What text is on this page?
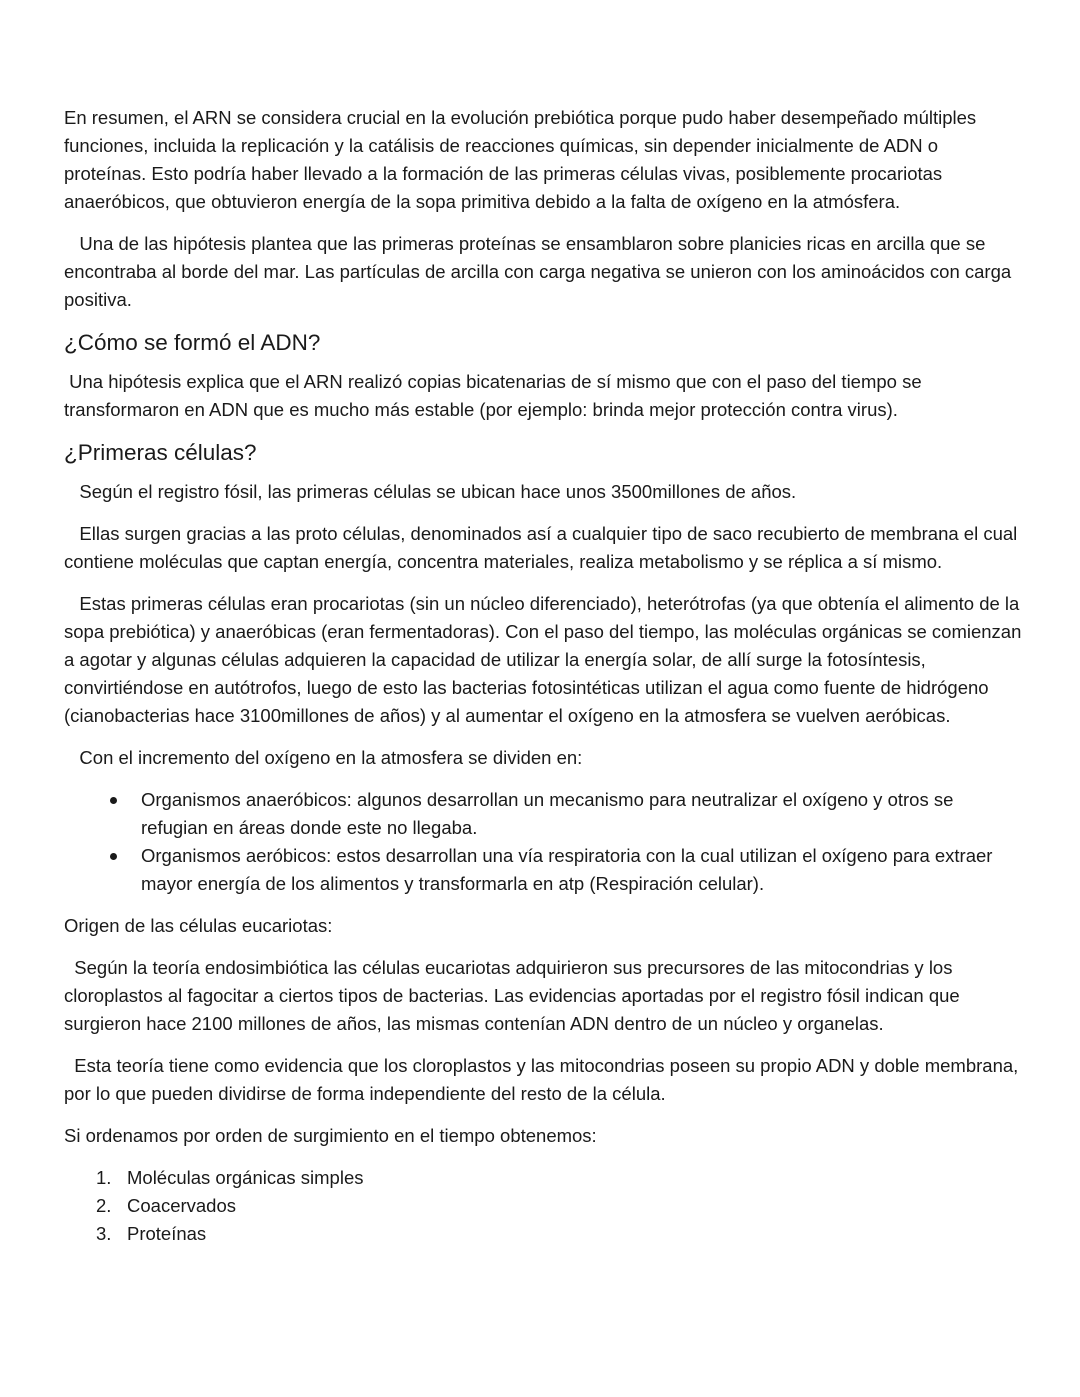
En resumen, el ARN se considera crucial en la evolución prebiótica porque pudo haber desempeñado múltiples funciones, incluida la replicación y la catálisis de reacciones químicas, sin depender inicialmente de ADN o proteínas. Esto podría haber llevado a la formación de las primeras células vivas, posiblemente procariotas anaeróbicos, que obtuvieron energía de la sopa primitiva debido a la falta de oxígeno en la atmósfera.

Una de las hipótesis plantea que las primeras proteínas se ensamblaron sobre planicies ricas en arcilla que se encontraba al borde del mar. Las partículas de arcilla con carga negativa se unieron con los aminoácidos con carga positiva.

¿Cómo se formó el ADN?

Una hipótesis explica que el ARN realizó copias bicatenarias de sí mismo que con el paso del tiempo se transformaron en ADN que es mucho más estable (por ejemplo: brinda mejor protección contra virus).

¿Primeras células?

Según el registro fósil, las primeras células se ubican hace unos 3500millones de años.

Ellas surgen gracias a las proto células, denominados así a cualquier tipo de saco recubierto de membrana el cual contiene moléculas que captan energía, concentra materiales, realiza metabolismo y se réplica a sí mismo.

Estas primeras células eran procariotas (sin un núcleo diferenciado), heterótrofas (ya que obtenía el alimento de la sopa prebiótica) y anaeróbicas (eran fermentadoras). Con el paso del tiempo, las moléculas orgánicas se comienzan a agotar y algunas células adquieren la capacidad de utilizar la energía solar, de allí surge la fotosíntesis, convirtiéndose en autótrofos, luego de esto las bacterias fotosintéticas utilizan el agua como fuente de hidrógeno (cianobacterias hace 3100millones de años) y al aumentar el oxígeno en la atmosfera se vuelven aeróbicas.

Con el incremento del oxígeno en la atmosfera se dividen en:

Organismos anaeróbicos: algunos desarrollan un mecanismo para neutralizar el oxígeno y otros se refugian en áreas donde este no llegaba.
Organismos aeróbicos: estos desarrollan una vía respiratoria con la cual utilizan el oxígeno para extraer mayor energía de los alimentos y transformarla en atp (Respiración celular).

Origen de las células eucariotas:

Según la teoría endosimbiótica las células eucariotas adquirieron sus precursores de las mitocondrias y los cloroplastos al fagocitar a ciertos tipos de bacterias. Las evidencias aportadas por el registro fósil indican que surgieron hace 2100 millones de años, las mismas contenían ADN dentro de un núcleo y organelas.

Esta teoría tiene como evidencia que los cloroplastos y las mitocondrias poseen su propio ADN y doble membrana, por lo que pueden dividirse de forma independiente del resto de la célula.

Si ordenamos por orden de surgimiento en el tiempo obtenemos:

1. Moléculas orgánicas simples
2. Coacervados
3. Proteínas
